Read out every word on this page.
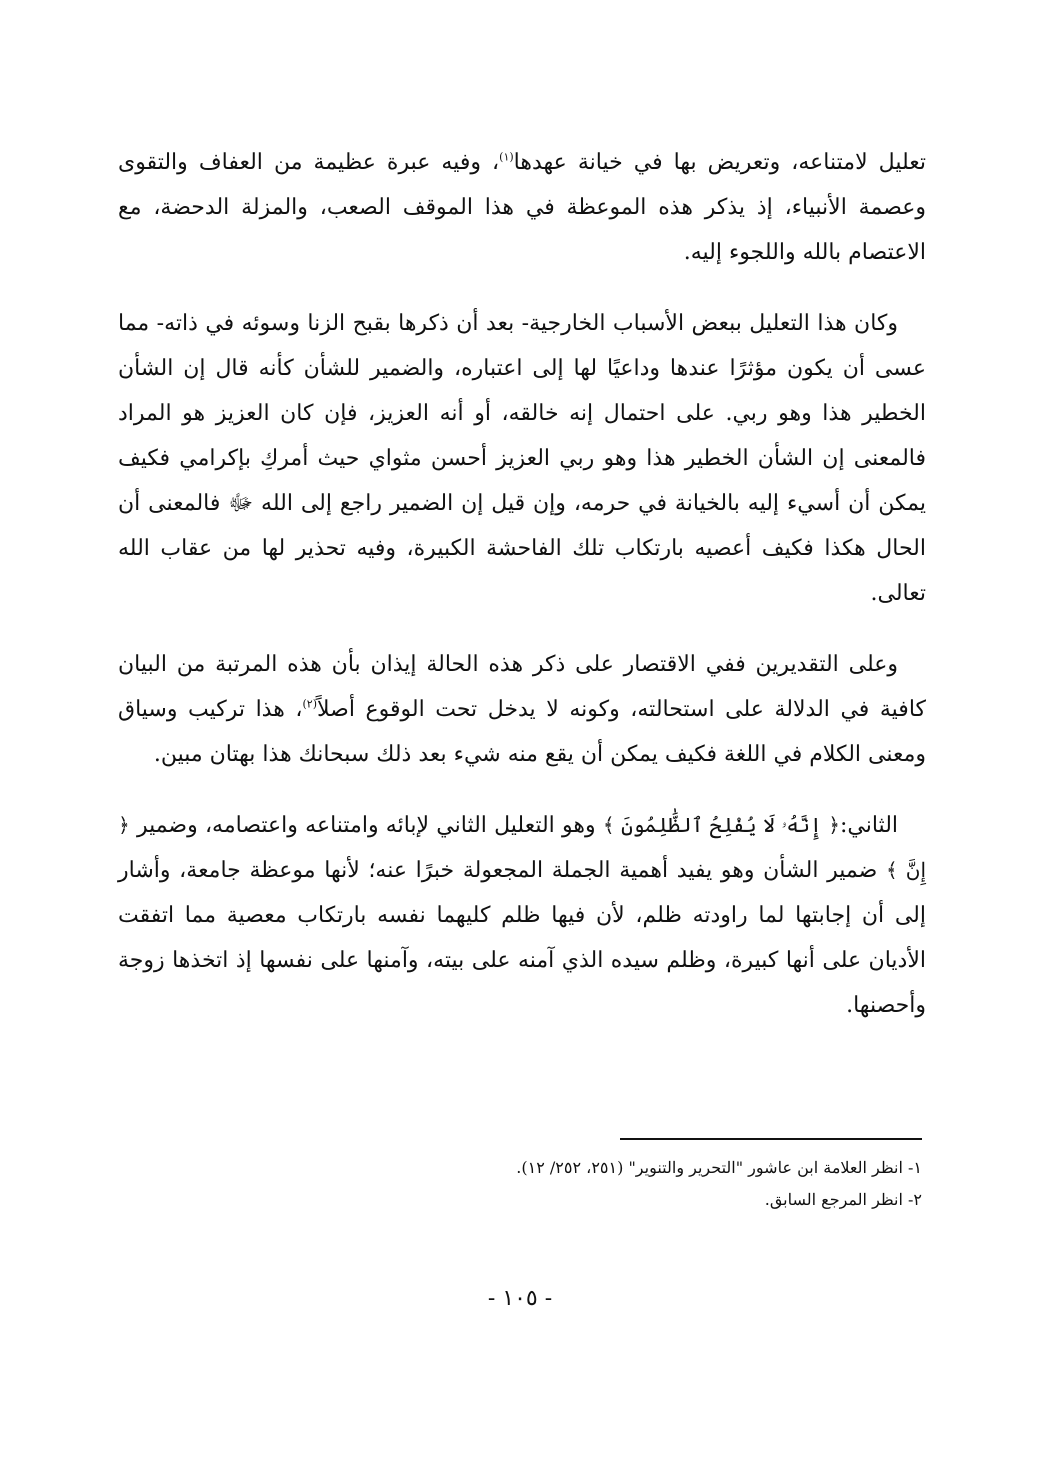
تعليل لامتناعه، وتعريض بها في خيانة عهدها$^{(١)}$، وفيه عبرة عظيمة من العفاف والتقوى وعصمة الأنبياء، إذ يذكر هذه الموعظة في هذا الموقف الصعب، والمزلة الدحضة، مع الاعتصام بالله واللجوء إليه.

وكان هذا التعليل ببعض الأسباب الخارجية- بعد أن ذكرها بقبح الزنا وسوئه في ذاته- مما عسى أن يكون مؤثرًا عندها وداعيًا لها إلى اعتباره، والضمير للشأن كأنه قال إن الشأن الخطير هذا وهو ربي. على احتمال إنه خالقه، أو أنه العزيز، فإن كان العزيز هو المراد فالمعنى إن الشأن الخطير هذا وهو ربي العزيز أحسن مثواي حيث أمركِ بإكرامي فكيف يمكن أن أسيء إليه بالخيانة في حرمه، وإن قيل إن الضمير راجع إلى الله ﷻ فالمعنى أن الحال هكذا فكيف أعصيه بارتكاب تلك الفاحشة الكبيرة، وفيه تحذير لها من عقاب الله تعالى.

وعلى التقديرين ففي الاقتصار على ذكر هذه الحالة إيذان بأن هذه المرتبة من البيان كافية في الدلالة على استحالته، وكونه لا يدخل تحت الوقوع أصلاً$^{(٢)}$، هذا تركيب وسياق ومعنى الكلام في اللغة فكيف يمكن أن يقع منه شيء بعد ذلك سبحانك هذا بهتان مبين.

الثاني:﴿ إِنَّهُۥ لَا يُفْلِحُ ٱلظَّٰلِمُونَ ﴾ وهو التعليل الثاني لإبائه وامتناعه واعتصامه، وضمير ﴿ إِنَّ ﴾ ضمير الشأن وهو يفيد أهمية الجملة المجعولة خبرًا عنه؛ لأنها موعظة جامعة، وأشار إلى أن إجابتها لما راودته ظلم، لأن فيها ظلم كليهما نفسه بارتكاب معصية مما اتفقت الأديان على أنها كبيرة، وظلم سيده الذي آمنه على بيته، وآمنها على نفسها إذ اتخذها زوجة وأحصنها.

١- انظر العلامة ابن عاشور "التحرير والتنوير" (٢٥١، ٢٥٢/ ١٢).
٢- انظر المرجع السابق.
- ١٠٥ -
